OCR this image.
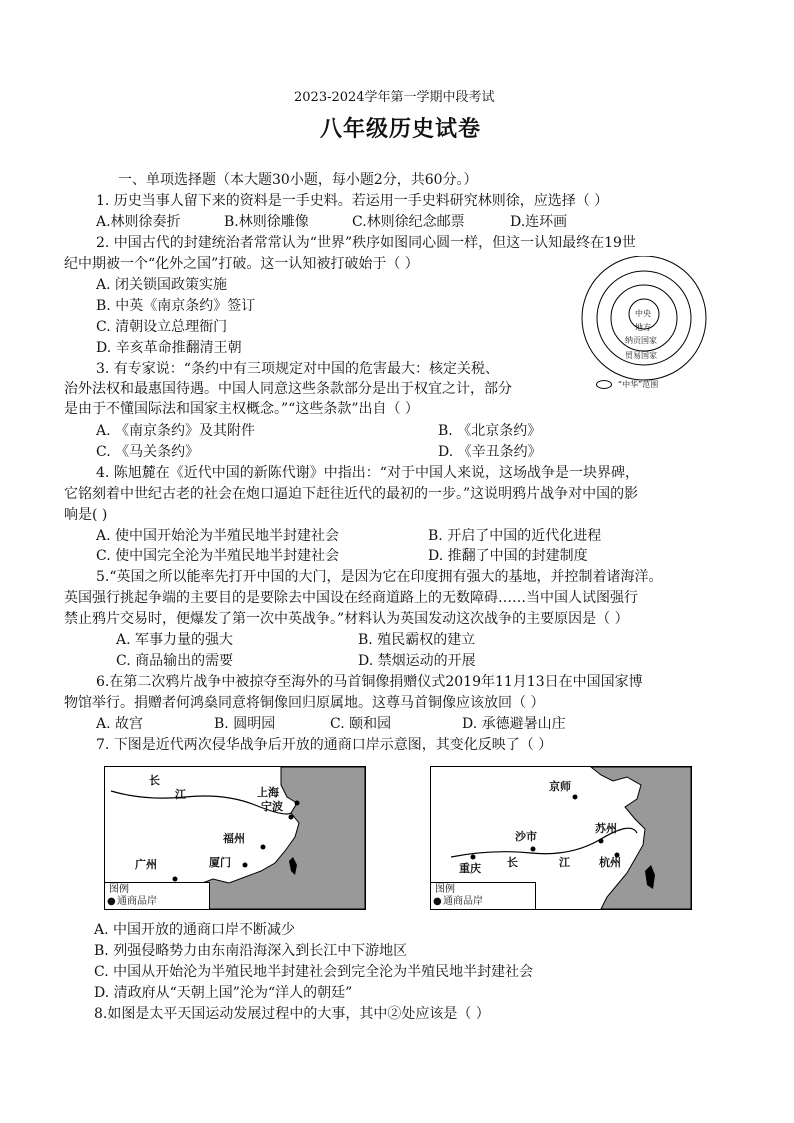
2023-2024学年第一学期中段考试
八年级历史试卷
一、单项选择题（本大题30小题，每小题2分，共60分。）
1. 历史当事人留下来的资料是一手史料。若运用一手史料研究林则徐，应选择（ ）
A.林则徐奏折	B.林则徐雕像	C.林则徐纪念邮票	D.连环画
2. 中国古代的封建统治者常常认为“世界”秩序如图同心圆一样，但这一认知最终在19世
纪中期被一个“化外之国”打破。这一认知被打破始于（ ）
A. 闭关锁国政策实施
B. 中英《南京条约》签订
C. 清朝设立总理衙门
D. 辛亥革命推翻清王朝
中央
地方
纳贡国家
贸易国家
“中华”范围
3. 有专家说：“条约中有三项规定对中国的危害最大：核定关税、
治外法权和最惠国待遇。中国人同意这些条款部分是出于权宜之计，部分
是由于不懂国际法和国家主权概念。”“这些条款”出自（ ）
A. 《南京条约》及其附件	B. 《北京条约》
C. 《马关条约》	D. 《辛丑条约》
4. 陈旭麓在《近代中国的新陈代谢》中指出：“对于中国人来说，这场战争是一块界碑，
它铭刻着中世纪古老的社会在炮口逼迫下赶往近代的最初的一步。”这说明鸦片战争对中国的影
响是( )
A. 使中国开始沦为半殖民地半封建社会	B. 开启了中国的近代化进程
C. 使中国完全沦为半殖民地半封建社会	D. 推翻了中国的封建制度
5.“英国之所以能率先打开中国的大门，是因为它在印度拥有强大的基地，并控制着诸海洋。
英国强行挑起争端的主要目的是要除去中国设在经商道路上的无数障碍……当中国人试图强行
禁止鸦片交易时，便爆发了第一次中英战争。”材料认为英国发动这次战争的主要原因是（ ）
A. 军事力量的强大	B. 殖民霸权的建立
C. 商品输出的需要	D. 禁烟运动的开展
6.在第二次鸦片战争中被掠夺至海外的马首铜像捐赠仪式2019年11月13日在中国国家博
物馆举行。捐赠者何鸿燊同意将铜像回归原属地。这尊马首铜像应该放回（ ）
A. 故宫	B. 圆明园	C. 颐和园	D. 承德避暑山庄
7. 下图是近代两次侵华战争后开放的通商口岸示意图，其变化反映了（ ）
长
江	上海
宁波
福州
广州	厦门
图例
● 通商品岸
京师
沙市
苏州
重庆 长	江	杭州
图例
● 通商品岸
A. 中国开放的通商口岸不断减少
B. 列强侵略势力由东南沿海深入到长江中下游地区
C. 中国从开始沦为半殖民地半封建社会到完全沦为半殖民地半封建社会
D. 清政府从“天朝上国”沦为“洋人的朝廷”
8.如图是太平天国运动发展过程中的大事，其中②处应该是（ ）
